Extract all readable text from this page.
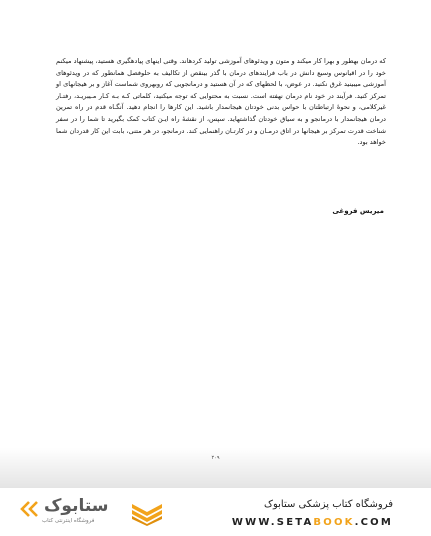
که درمان بهطور و بهرا کار میکند و متون و ویدئوهای آموزشی تولید کردهاند. وقتی اینهای پیادهگیری هستید، پیشنهاد میکنم خود را در اقیانوس وسیع دانش در باب فرایندهای درمان با گذر بینقص از تکالیف به حلوفصل همانطور که در ویدئوهای آموزشی میبینید غرق نکنید. در عوض، با لحظهای که در آن هستید و درمانجویی که روبهروی شماست آغاز و بر هیجانهای او تمرکز کنید. فرآیند در خود نام درمان نهفته است. نسبت به محتوایی که توجه میکنید، کلماتی کـه بـه کـار مـیبریـد، رفتـار غیرکلامی، و نحوهٔ ارتباطتان با حواس بدنی خودتان هیجانمدار باشید. این کارها را انجام دهید. آنگـاه قدم در راه تمرین درمان هیجانمدار با درمانجو و به سیاق خودتان گذاشتهاید. سپس، از نقشهٔ راه ایـن کتاب کمک بگیرید تا شما را در سفر شناخت قدرت تمرکز بر هیجانها در اتاق درمـان و در کارتـان راهنمایی کند. درمانجو، در هر متنی، بابت این کار قدردان شما خواهد بود.

میریس فروغی
۲۰۹
ستابوک
فروشگاه اینترنتی کتاب
فروشگاه کتاب پزشکی ستابوک
WWW.SETABOOK.COM
